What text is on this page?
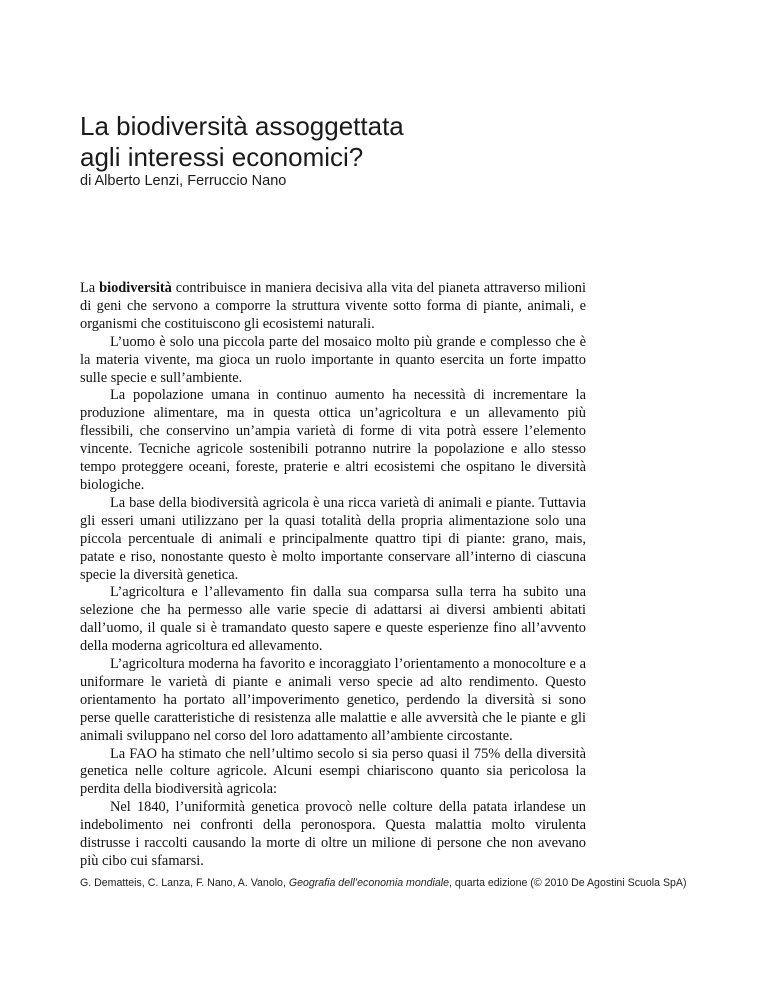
La biodiversità assoggettata
agli interessi economici?

di Alberto Lenzi, Ferruccio Nano

La biodiversità contribuisce in maniera decisiva alla vita del pianeta attraverso milioni di geni che servono a comporre la struttura vivente sotto forma di piante, animali, e organismi che costituiscono gli ecosistemi naturali.

L’uomo è solo una piccola parte del mosaico molto più grande e complesso che è la materia vivente, ma gioca un ruolo importante in quanto esercita un forte impatto sulle specie e sull’ambiente.

La popolazione umana in continuo aumento ha necessità di incrementare la produzione alimentare, ma in questa ottica un’agricoltura e un allevamento più flessibili, che conservino un’ampia varietà di forme di vita potrà essere l’elemento vincente. Tecniche agricole sostenibili potranno nutrire la popolazione e allo stesso tempo proteggere oceani, foreste, praterie e altri ecosistemi che ospitano le diversità biologiche.

La base della biodiversità agricola è una ricca varietà di animali e piante. Tuttavia gli esseri umani utilizzano per la quasi totalità della propria alimentazione solo una piccola percentuale di animali e principalmente quattro tipi di piante: grano, mais, patate e riso, nonostante questo è molto importante conservare all’interno di ciascuna specie la diversità genetica.

L’agricoltura e l’allevamento fin dalla sua comparsa sulla terra ha subito una selezione che ha permesso alle varie specie di adattarsi ai diversi ambienti abitati dall’uomo, il quale si è tramandato questo sapere e queste esperienze fino all’avvento della moderna agricoltura ed allevamento.

L’agricoltura moderna ha favorito e incoraggiato l’orientamento a monocolture e a uniformare le varietà di piante e animali verso specie ad alto rendimento. Questo orientamento ha portato all’impoverimento genetico, perdendo la diversità si sono perse quelle caratteristiche di resistenza alle malattie e alle avversità che le piante e gli animali sviluppano nel corso del loro adattamento all’ambiente circostante.

La FAO ha stimato che nell’ultimo secolo si sia perso quasi il 75% della diversità genetica nelle colture agricole. Alcuni esempi chiariscono quanto sia pericolosa la perdita della biodiversità agricola:

Nel 1840, l’uniformità genetica provocò nelle colture della patata irlandese un indebolimento nei confronti della peronospora. Questa malattia molto virulenta distrusse i raccolti causando la morte di oltre un milione di persone che non avevano più cibo cui sfamarsi.

G. Dematteis, C. Lanza, F. Nano, A. Vanolo, Geografia dell’economia mondiale, quarta edizione (© 2010 De Agostini Scuola SpA)
